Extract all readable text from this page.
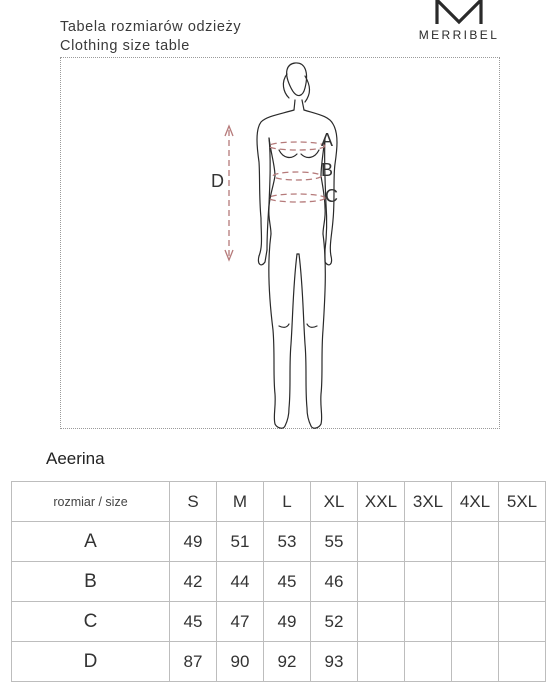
Tabela rozmiarów odzieży
Clothing size table
MERRIBEL
A
B
C
D
Aeerina
rozmiar / size	S	M	L	XL	XXL	3XL	4XL	5XL
A	49	51	53	55				
B	42	44	45	46				
C	45	47	49	52				
D	87	90	92	93				
